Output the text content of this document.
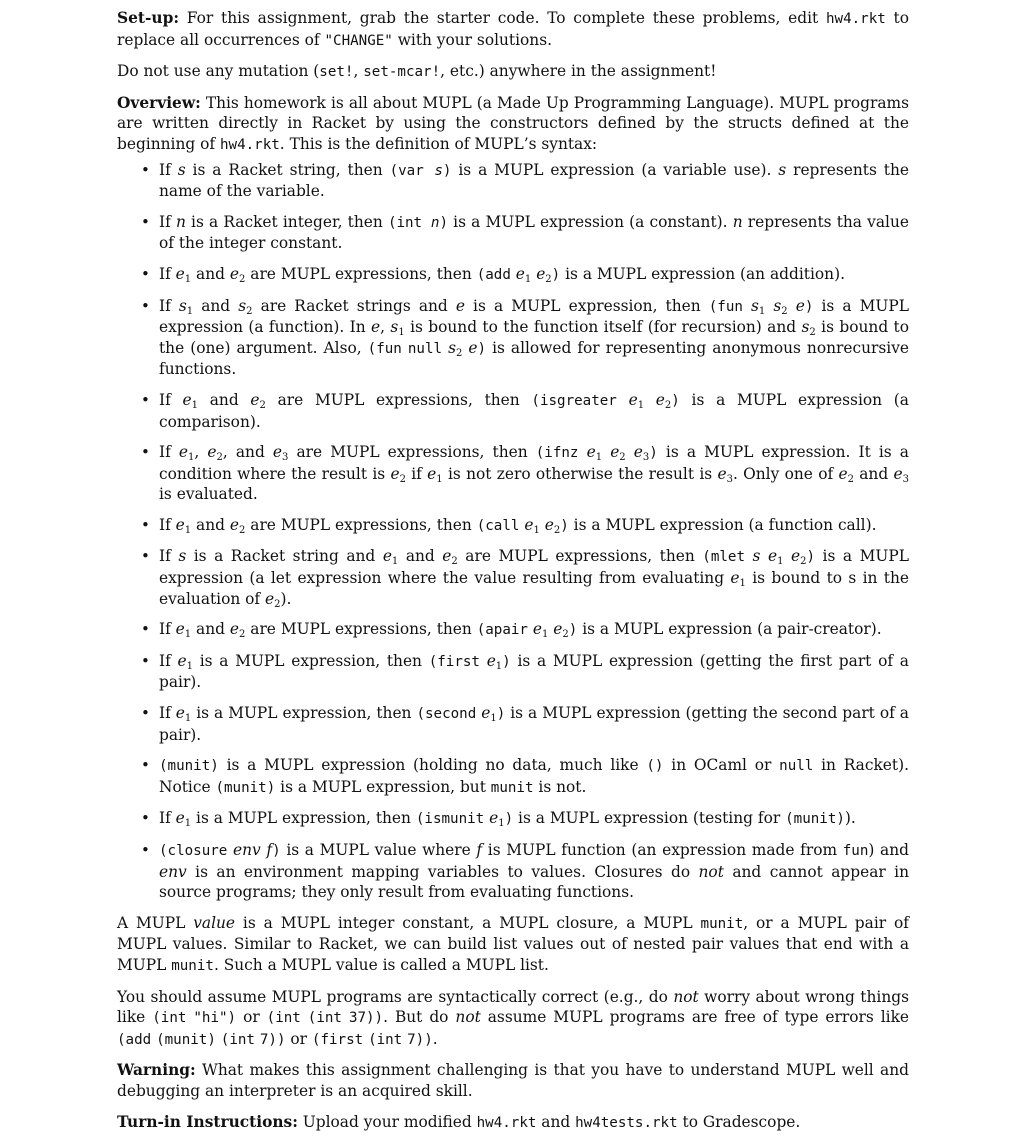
Set-up: For this assignment, grab the starter code. To complete these problems, edit hw4.rkt to replace all occurrences of "CHANGE" with your solutions.

Do not use any mutation (set!, set-mcar!, etc.) anywhere in the assignment!

Overview: This homework is all about MUPL (a Made Up Programming Language). MUPL programs are written directly in Racket by using the constructors defined by the structs defined at the beginning of hw4.rkt. This is the definition of MUPL’s syntax:

• If s is a Racket string, then (var s) is a MUPL expression (a variable use). s represents the name of the variable.
• If n is a Racket integer, then (int n) is a MUPL expression (a constant). n represents tha value of the integer constant.
• If $e_1$ and $e_2$ are MUPL expressions, then (add $e_1$ $e_2$) is a MUPL expression (an addition).
• If $s_1$ and $s_2$ are Racket strings and e is a MUPL expression, then (fun $s_1$ $s_2$ e) is a MUPL expression (a function). In e, $s_1$ is bound to the function itself (for recursion) and $s_2$ is bound to the (one) argument. Also, (fun null $s_2$ e) is allowed for representing anonymous nonrecursive functions.
• If $e_1$ and $e_2$ are MUPL expressions, then (isgreater $e_1$ $e_2$) is a MUPL expression (a comparison).
• If $e_1$, $e_2$, and $e_3$ are MUPL expressions, then (ifnz $e_1$ $e_2$ $e_3$) is a MUPL expression. It is a condition where the result is $e_2$ if $e_1$ is not zero otherwise the result is $e_3$. Only one of $e_2$ and $e_3$ is evaluated.
• If $e_1$ and $e_2$ are MUPL expressions, then (call $e_1$ $e_2$) is a MUPL expression (a function call).
• If s is a Racket string and $e_1$ and $e_2$ are MUPL expressions, then (mlet s $e_1$ $e_2$) is a MUPL expression (a let expression where the value resulting from evaluating $e_1$ is bound to s in the evaluation of $e_2$).
• If $e_1$ and $e_2$ are MUPL expressions, then (apair $e_1$ $e_2$) is a MUPL expression (a pair-creator).
• If $e_1$ is a MUPL expression, then (first $e_1$) is a MUPL expression (getting the first part of a pair).
• If $e_1$ is a MUPL expression, then (second $e_1$) is a MUPL expression (getting the second part of a pair).
• (munit) is a MUPL expression (holding no data, much like () in OCaml or null in Racket). Notice (munit) is a MUPL expression, but munit is not.
• If $e_1$ is a MUPL expression, then (ismunit $e_1$) is a MUPL expression (testing for (munit)).
• (closure env f) is a MUPL value where f is MUPL function (an expression made from fun) and env is an environment mapping variables to values. Closures do not and cannot appear in source programs; they only result from evaluating functions.

A MUPL value is a MUPL integer constant, a MUPL closure, a MUPL munit, or a MUPL pair of MUPL values. Similar to Racket, we can build list values out of nested pair values that end with a MUPL munit. Such a MUPL value is called a MUPL list.

You should assume MUPL programs are syntactically correct (e.g., do not worry about wrong things like (int "hi") or (int (int 37)). But do not assume MUPL programs are free of type errors like (add (munit) (int 7)) or (first (int 7)).

Warning: What makes this assignment challenging is that you have to understand MUPL well and debugging an interpreter is an acquired skill.

Turn-in Instructions: Upload your modified hw4.rkt and hw4tests.rkt to Gradescope.
